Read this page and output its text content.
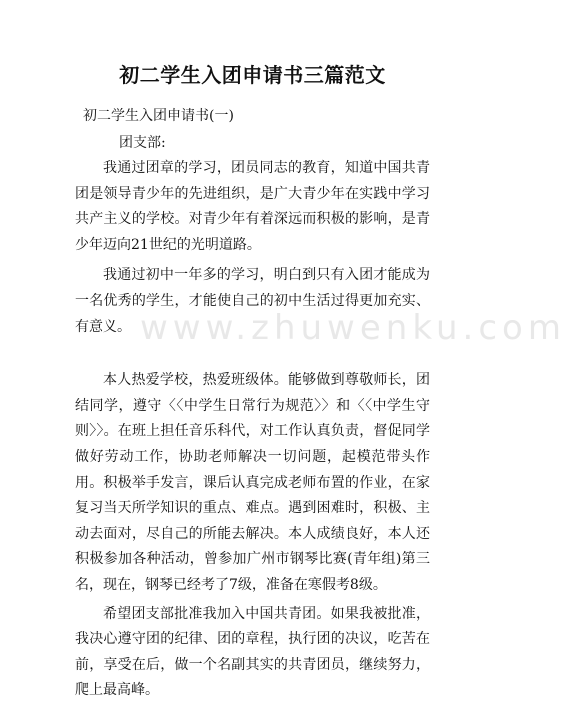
初二学生入团申请书三篇范文
初二学生入团申请书(一)
团支部:

我通过团章的学习，团员同志的教育，知道中国共青团是领导青少年的先进组织，是广大青少年在实践中学习共产主义的学校。对青少年有着深远而积极的影响，是青少年迈向21世纪的光明道路。

我通过初中一年多的学习，明白到只有入团才能成为一名优秀的学生，才能使自己的初中生活过得更加充实、有意义。

本人热爱学校，热爱班级体。能够做到尊敬师长，团结同学，遵守〈〈中学生日常行为规范〉〉和〈〈中学生守则〉〉。在班上担任音乐科代，对工作认真负责，督促同学做好劳动工作，协助老师解决一切问题，起模范带头作用。积极举手发言，课后认真完成老师布置的作业，在家复习当天所学知识的重点、难点。遇到困难时，积极、主动去面对，尽自己的所能去解决。本人成绩良好，本人还积极参加各种活动，曾参加广州市钢琴比赛(青年组)第三名，现在，钢琴已经考了7级，准备在寒假考8级。

希望团支部批准我加入中国共青团。如果我被批准，我决心遵守团的纪律、团的章程，执行团的决议，吃苦在前，享受在后，做一个名副其实的共青团员，继续努力，爬上最高峰。

www.zhuwenku.com
